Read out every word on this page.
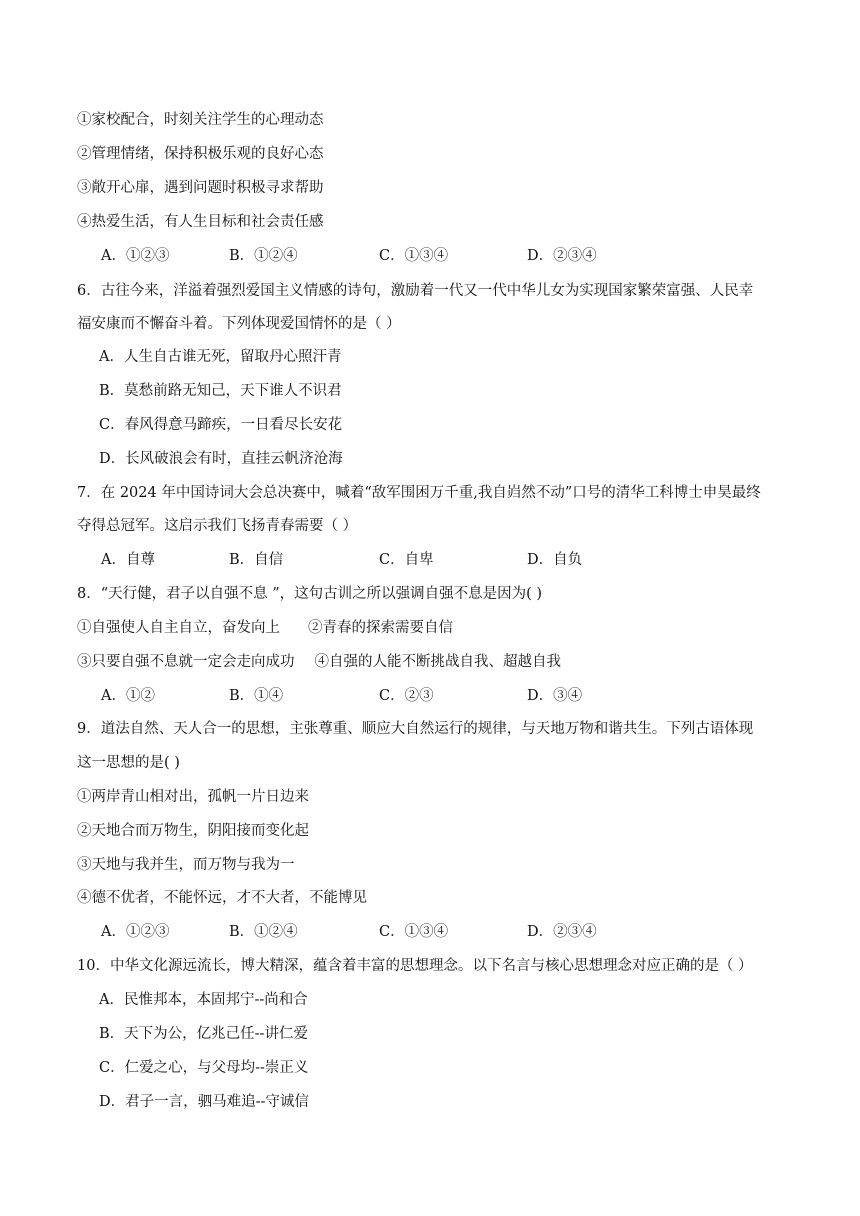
①家校配合，时刻关注学生的心理动态
②管理情绪，保持积极乐观的良好心态
③敞开心扉，遇到问题时积极寻求帮助
④热爱生活，有人生目标和社会责任感
A．①②③	B．①②④	C．①③④	D．②③④
6．古往今来，洋溢着强烈爱国主义情感的诗句，激励着一代又一代中华儿女为实现国家繁荣富强、人民幸
福安康而不懈奋斗着。下列体现爱国情怀的是（ ）
A．人生自古谁无死，留取丹心照汗青
B．莫愁前路无知己，天下谁人不识君
C．春风得意马蹄疾，一日看尽长安花
D．长风破浪会有时，直挂云帆济沧海
7．在 2024 年中国诗词大会总决赛中，喊着“敌军围困万千重,我自岿然不动”口号的清华工科博士申昊最终
夺得总冠军。这启示我们飞扬青春需要（ ）
A．自尊	B．自信	C．自卑	D．自负
8．“天行健，君子以自强不息 ”，这句古训之所以强调自强不息是因为( )
①自强使人自主自立，奋发向上 ②青春的探索需要自信
③只要自强不息就一定会走向成功 ④自强的人能不断挑战自我、超越自我
A．①②	B．①④	C．②③	D．③④
9．道法自然、天人合一的思想，主张尊重、顺应大自然运行的规律，与天地万物和谐共生。下列古语体现
这一思想的是( )
①两岸青山相对出，孤帆一片日边来
②天地合而万物生，阴阳接而变化起
③天地与我并生，而万物与我为一
④德不优者，不能怀远，才不大者，不能博见
A．①②③	B．①②④	C．①③④	D．②③④
10．中华文化源远流长，博大精深，蕴含着丰富的思想理念。以下名言与核心思想理念对应正确的是（ ）
A．民惟邦本，本固邦宁--尚和合
B．天下为公，亿兆己任--讲仁爱
C．仁爱之心，与父母均--崇正义
D．君子一言，驷马难追--守诚信
